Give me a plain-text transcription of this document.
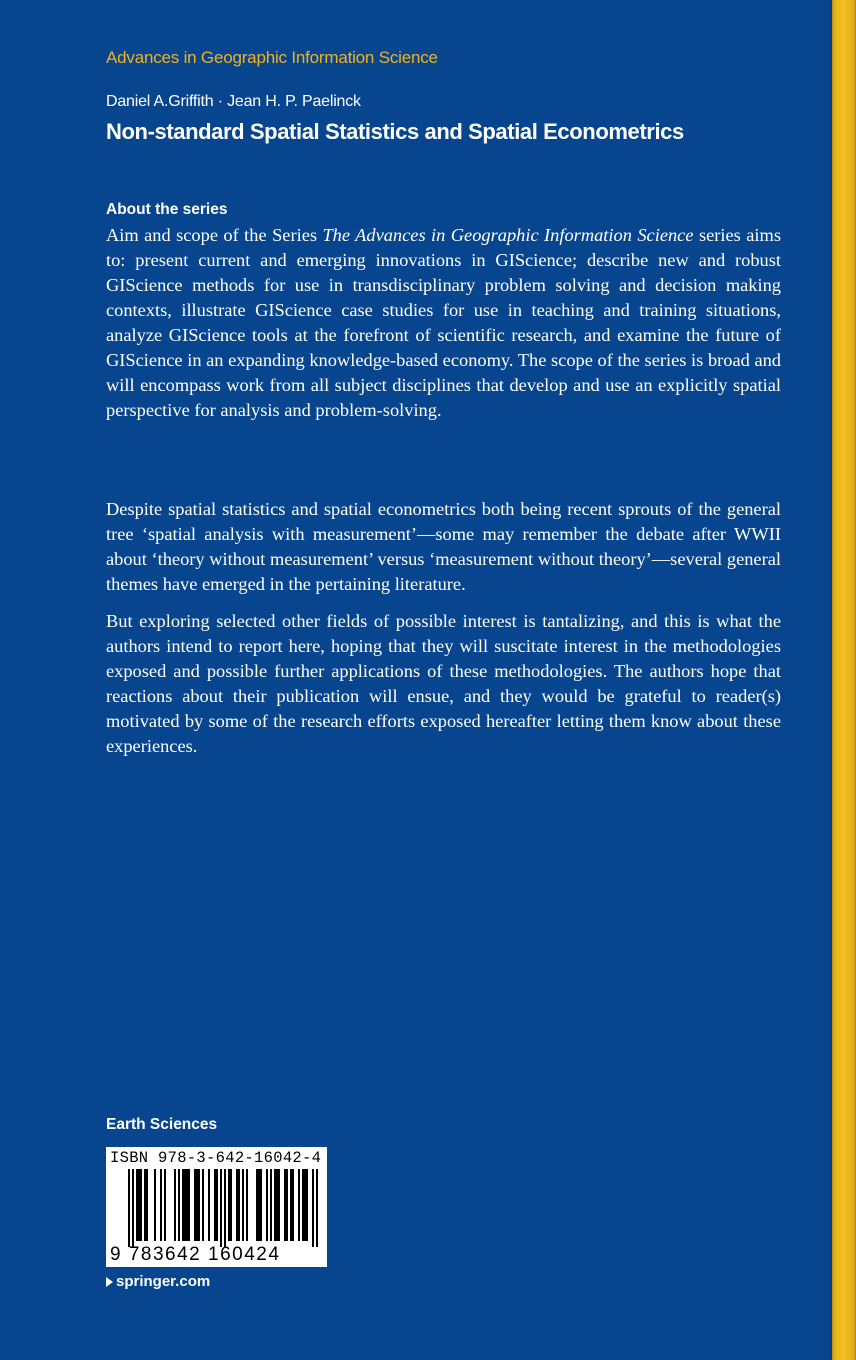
Advances in Geographic Information Science
Daniel A.Griffith · Jean H. P. Paelinck
Non-standard Spatial Statistics and Spatial Econometrics
About the series

Aim and scope of the Series The Advances in Geographic Information Science series aims to: present current and emerging innovations in GIScience; describe new and robust GIScience methods for use in transdisciplinary problem solving and decision making contexts, illustrate GIScience case studies for use in teaching and training situations, analyze GIScience tools at the forefront of scientific research, and examine the future of GIScience in an expanding knowledge-based economy. The scope of the series is broad and will encompass work from all subject disciplines that develop and use an explicitly spatial perspective for analysis and problem-solving.

Despite spatial statistics and spatial econometrics both being recent sprouts of the general tree ‘spatial analysis with measurement’—some may remember the debate after WWII about ‘theory without measurement’ versus ‘measurement without theory’—several general themes have emerged in the pertaining literature.

But exploring selected other fields of possible interest is tantalizing, and this is what the authors intend to report here, hoping that they will suscitate interest in the methodologies exposed and possible further applications of these methodologies. The authors hope that reactions about their publication will ensue, and they would be grateful to reader(s) motivated by some of the research efforts exposed hereafter letting them know about these experiences.

Earth Sciences
ISBN 978-3-642-16042-4
9 783642 160424
springer.com
